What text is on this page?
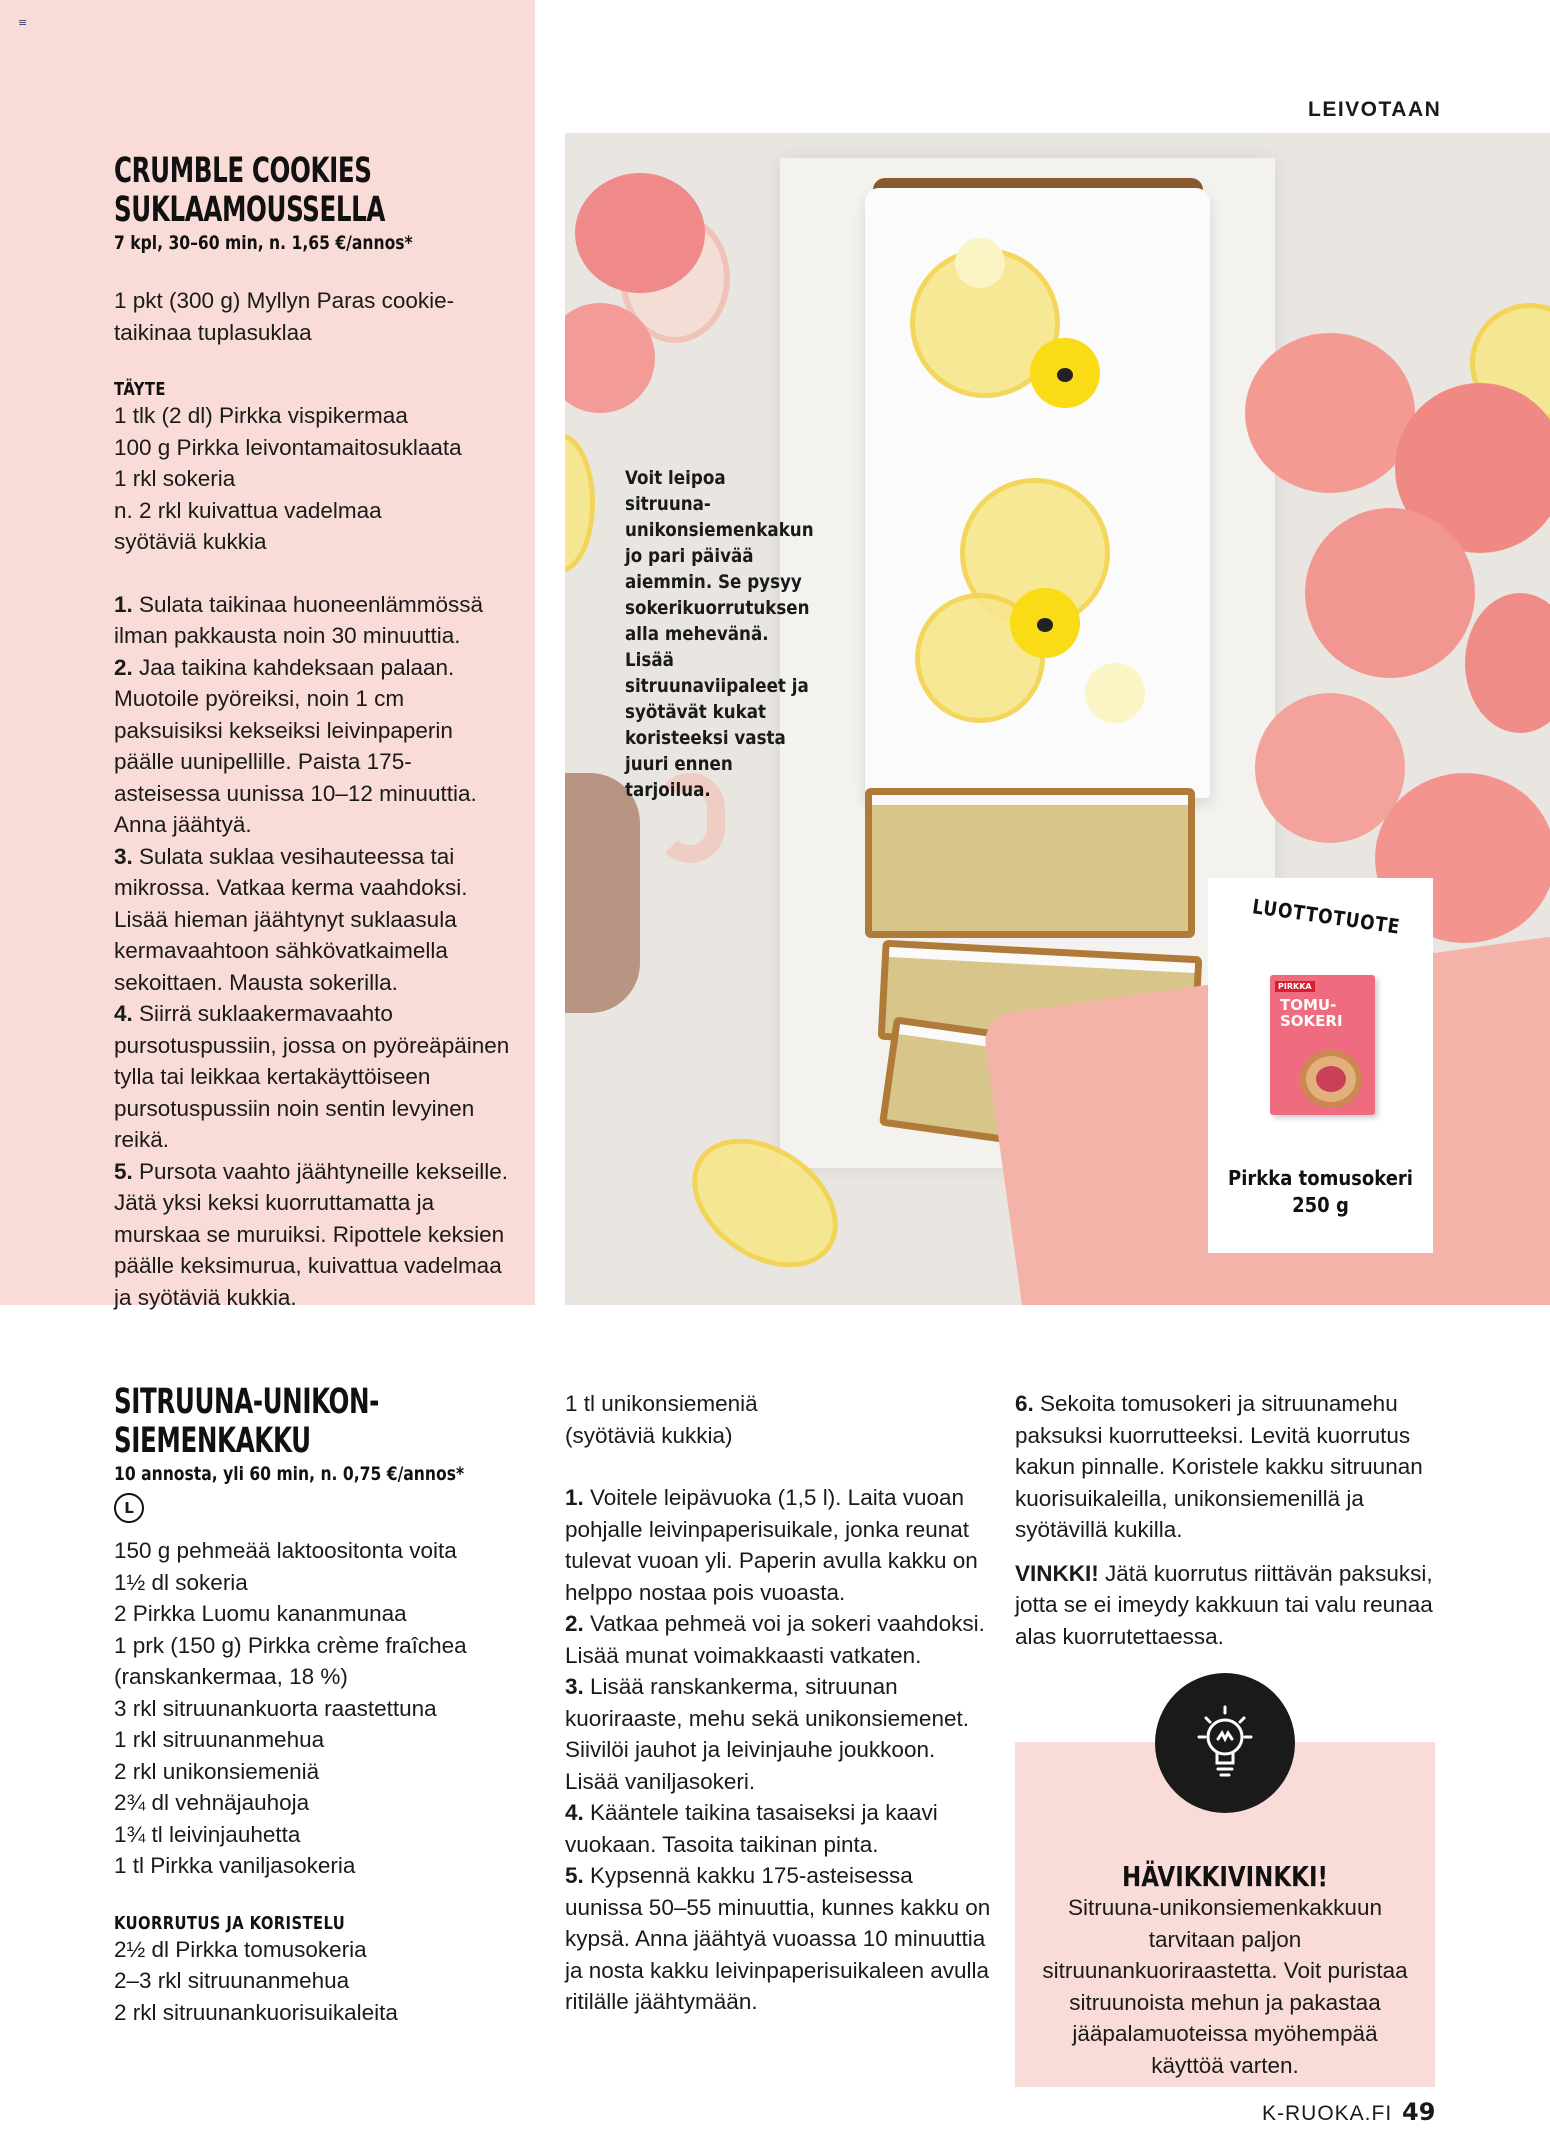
≡
LEIVOTAAN
CRUMBLE COOKIES SUKLAAMOUSSELLA
7 kpl, 30–60 min, n. 1,65 €/annos*
1 pkt (300 g) Myllyn Paras cookie-taikinaa tuplasuklaa
TÄYTE
1 tlk (2 dl) Pirkka vispikermaa
100 g Pirkka leivontamaitosuklaata
1 rkl sokeria
n. 2 rkl kuivattua vadelmaa
syötäviä kukkia
1. Sulata taikinaa huoneenlämmössä ilman pakkausta noin 30 minuuttia.
2. Jaa taikina kahdeksaan palaan. Muotoile pyöreiksi, noin 1 cm paksuisiksi kekseiksi leivinpaperin päälle uunipellille. Paista 175-asteisessa uunissa 10–12 minuuttia. Anna jäähtyä.
3. Sulata suklaa vesihauteessa tai mikrossa. Vatkaa kerma vaahdoksi. Lisää hieman jäähtynyt suklaasula kermavaahtoon sähkövatkaimella sekoittaen. Mausta sokerilla.
4. Siirrä suklaakermavaahto pursotuspussiin, jossa on pyöreäpäinen tylla tai leikkaa kertakäyttöiseen pursotuspussiin noin sentin levyinen reikä.
5. Pursota vaahto jäähtyneille kekseille. Jätä yksi keksi kuorruttamatta ja murskaa se muruiksi. Ripottele keksien päälle keksimurua, kuivattua vadelmaa ja syötäviä kukkia.
Voit leipoa sitruuna-unikonsiemenkakun jo pari päivää aiemmin. Se pysyy sokerikuorrutuksen alla mehevänä. Lisää sitruunaviipaleet ja syötävät kukat koristeeksi vasta juuri ennen tarjoilua.
LUOTTOTUOTE
PIRKKA
TOMU-
SOKERI
Pirkka tomusokeri 250 g
SITRUUNA-UNIKON-SIEMENKAKKU
10 annosta, yli 60 min, n. 0,75 €/annos*
L
150 g pehmeää laktoositonta voita
1½ dl sokeria
2 Pirkka Luomu kananmunaa
1 prk (150 g) Pirkka crème fraîchea (ranskankermaa, 18 %)
3 rkl sitruunankuorta raastettuna
1 rkl sitruunanmehua
2 rkl unikonsiemeniä
2¾ dl vehnäjauhoja
1¾ tl leivinjauhetta
1 tl Pirkka vaniljasokeria
KUORRUTUS JA KORISTELU
2½ dl Pirkka tomusokeria
2–3 rkl sitruunanmehua
2 rkl sitruunankuorisuikaleita
1 tl unikonsiemeniä
(syötäviä kukkia)
1. Voitele leipävuoka (1,5 l). Laita vuoan pohjalle leivinpaperisuikale, jonka reunat tulevat vuoan yli. Paperin avulla kakku on helppo nostaa pois vuoasta.
2. Vatkaa pehmeä voi ja sokeri vaahdoksi. Lisää munat voimakkaasti vatkaten.
3. Lisää ranskankerma, sitruunan kuoriraaste, mehu sekä unikonsiemenet. Siivilöi jauhot ja leivinjauhe joukkoon. Lisää vaniljasokeri.
4. Kääntele taikina tasaiseksi ja kaavi vuokaan. Tasoita taikinan pinta.
5. Kypsennä kakku 175-asteisessa uunissa 50–55 minuuttia, kunnes kakku on kypsä. Anna jäähtyä vuoassa 10 minuuttia ja nosta kakku leivinpaperisuikaleen avulla ritilälle jäähtymään.
6. Sekoita tomusokeri ja sitruunamehu paksuksi kuorrutteeksi. Levitä kuorrutus kakun pinnalle. Koristele kakku sitruunan kuorisuikaleilla, unikonsiemenillä ja syötävillä kukilla.
VINKKI! Jätä kuorrutus riittävän paksuksi, jotta se ei imeydy kakkuun tai valu reunaa alas kuorrutettaessa.
HÄVIKKIVINKKI!
Sitruuna-unikonsiemenkakkuun tarvitaan paljon sitruunankuoriraastetta. Voit puristaa sitruunoista mehun ja pakastaa jääpalamuoteissa myöhempää käyttöä varten.
K-RUOKA.FI 49
